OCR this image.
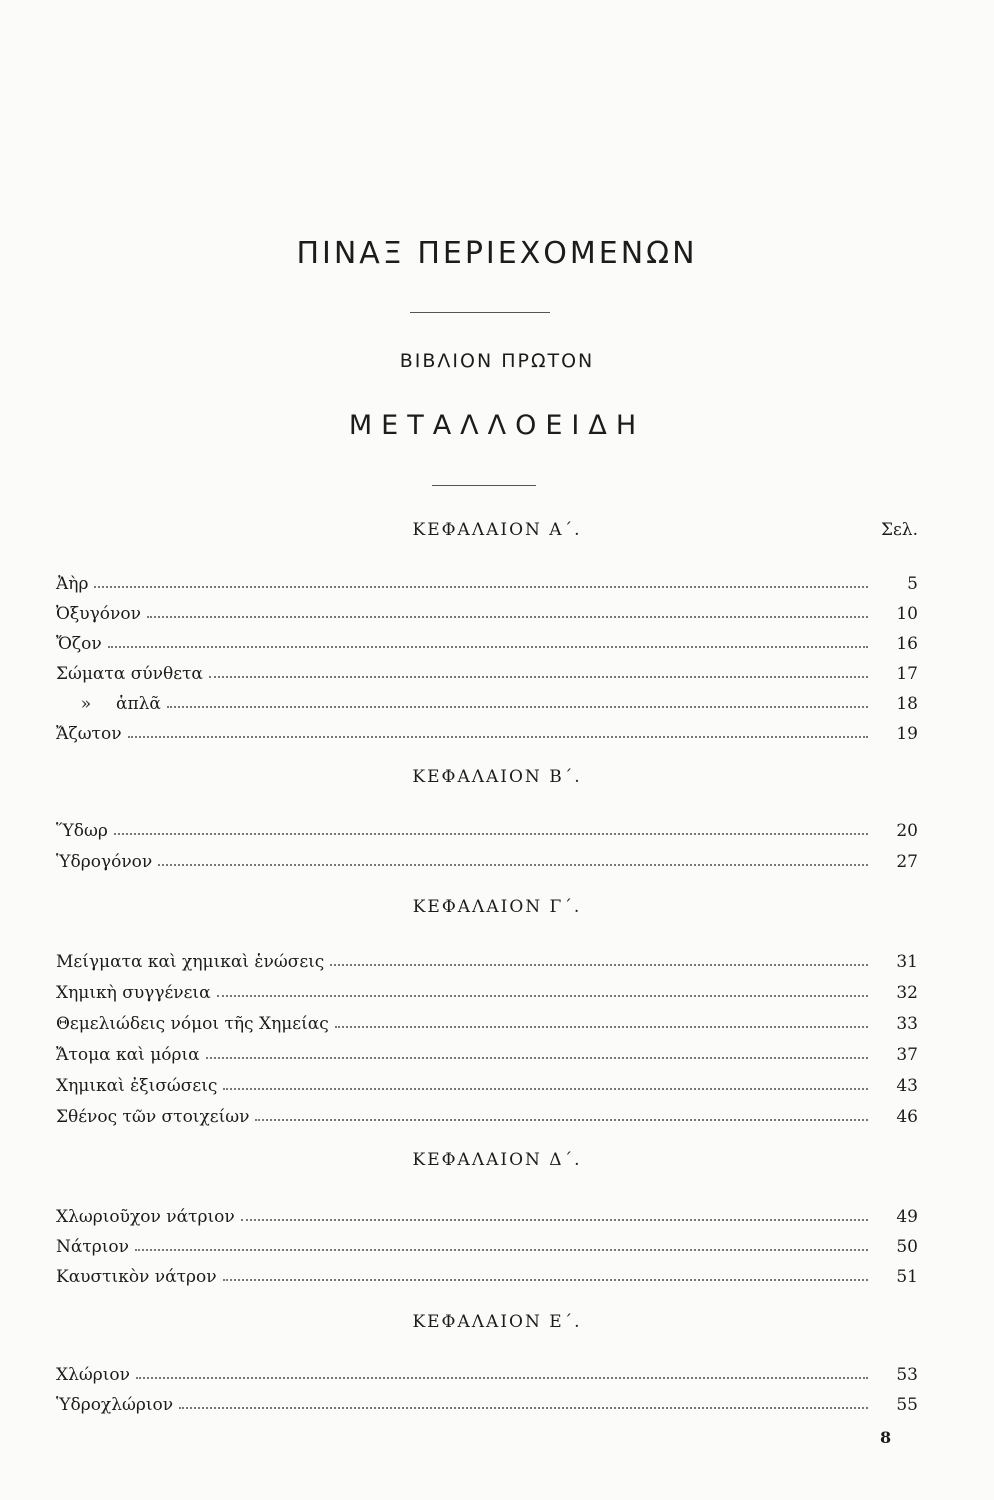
ΠΙΝΑΞ ΠΕΡΙΕΧΟΜΕΝΩΝ
ΒΙΒΛΙΟΝ ΠΡΩΤΟΝ
ΜΕΤΑΛΛΟΕΙΔΗ
Σελ.
ΚΕΦΑΛΑΙΟΝ Α΄.
Ἀὴρ	5
Ὀξυγόνον	10
Ὄζον	16
Σώματα σύνθετα	17
» ἁπλᾶ	18
Ἄζωτον	19
ΚΕΦΑΛΑΙΟΝ Β΄.
Ὕδωρ	20
Ὑδρογόνον	27
ΚΕΦΑΛΑΙΟΝ Γ΄.
Μείγματα καὶ χημικαὶ ἑνώσεις	31
Χημικὴ συγγένεια	32
Θεμελιώδεις νόμοι τῆς Χημείας	33
Ἄτομα καὶ μόρια	37
Χημικαὶ ἐξισώσεις	43
Σθένος τῶν στοιχείων	46
ΚΕΦΑΛΑΙΟΝ Δ΄.
Χλωριοῦχον νάτριον	49
Νάτριον	50
Καυστικὸν νάτρον	51
ΚΕΦΑΛΑΙΟΝ Ε΄.
Χλώριον	53
Ὑδροχλώριον	55
8
